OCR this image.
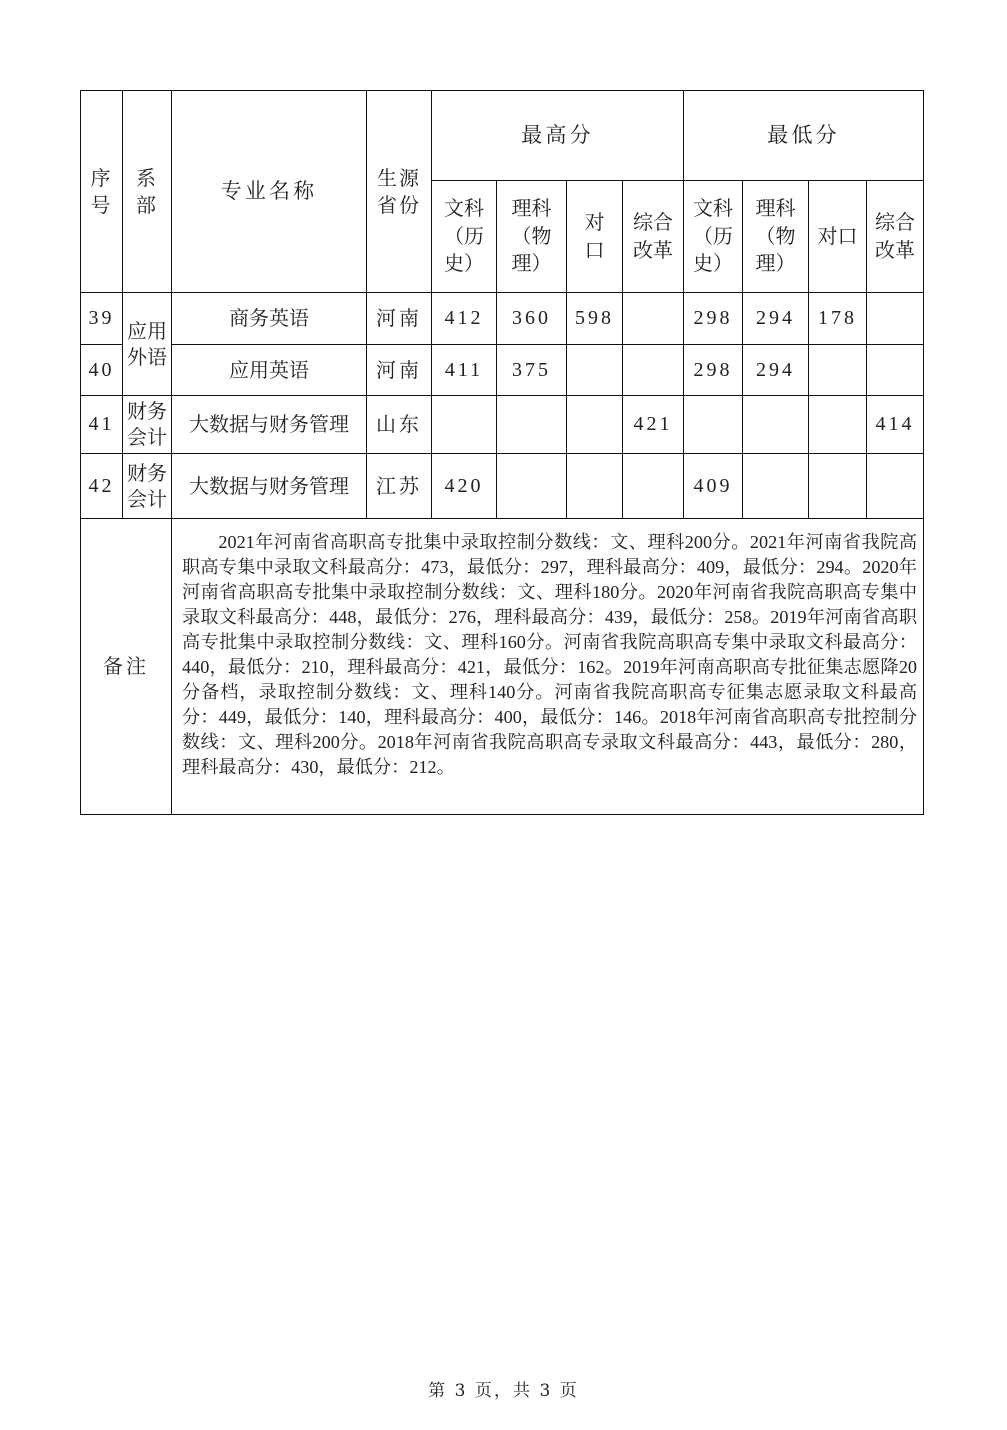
序号	系部	专业名称	生源省份	最高分				最低分			
				文科（历史）	理科（物理）	对口	综合改革	文科（历史）	理科（物理）	对口	综合改革
39	应用外语	商务英语	河南	412	360	598		298	294	178	
40		应用英语	河南	411	375			298	294		
41	财务会计	大数据与财务管理	山东				421				414
42	财务会计	大数据与财务管理	江苏	420				409			
备注		2021年河南省高职高专批集中录取控制分数线：文、理科200分。2021年河南省我院高职高专集中录取文科最高分：473，最低分：297，理科最高分：409，最低分：294。2020年河南省高职高专批集中录取控制分数线：文、理科180分。2020年河南省我院高职高专集中录取文科最高分：448，最低分：276，理科最高分：439，最低分：258。2019年河南省高职高专批集中录取控制分数线：文、理科160分。河南省我院高职高专集中录取文科最高分：440，最低分：210，理科最高分：421，最低分：162。2019年河南高职高专批征集志愿降20分备档，录取控制分数线：文、理科140分。河南省我院高职高专征集志愿录取文科最高分：449，最低分：140，理科最高分：400，最低分：146。2018年河南省高职高专批控制分数线：文、理科200分。2018年河南省我院高职高专录取文科最高分：443，最低分：280，理科最高分：430，最低分：212。									
第 3 页，共 3 页
